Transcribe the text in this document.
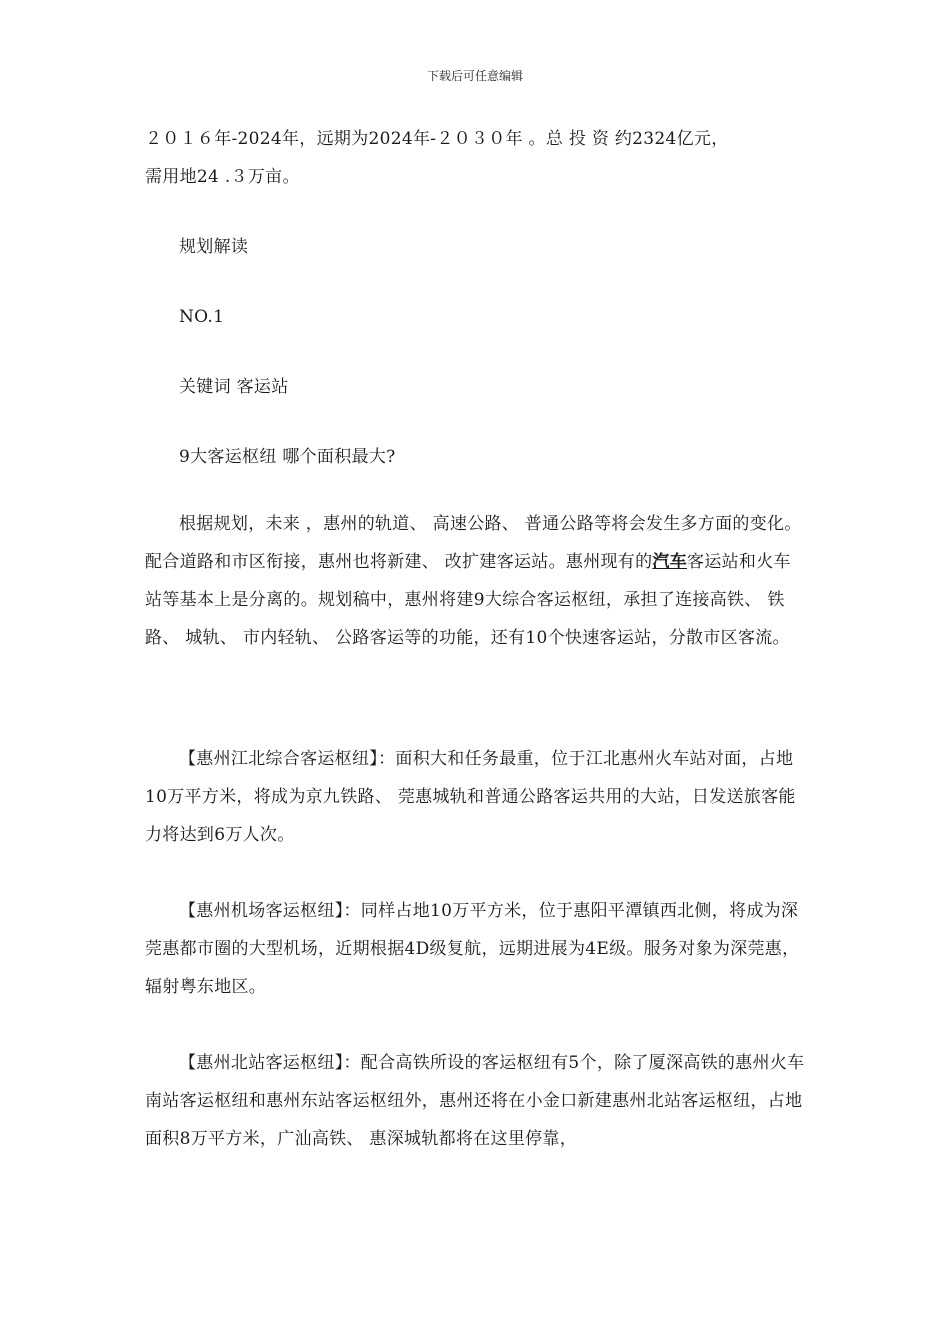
下载后可任意编辑

２０１６年-2024年，远期为2024年-２０３０年 。总 投 资 约2324亿元，

需用地24 .３万亩。

规划解读

NO.1

关键词 客运站

9大客运枢纽 哪个面积最大?

根据规划，未来 ，惠州的轨道、 高速公路、 普通公路等将会发生多方面的变化。配合道路和市区衔接，惠州也将新建、 改扩建客运站。惠州现有的汽车客运站和火车站等基本上是分离的。规划稿中，惠州将建9大综合客运枢纽，承担了连接高铁、 铁路、 城轨、 市内轻轨、 公路客运等的功能，还有10个快速客运站，分散市区客流。

【惠州江北综合客运枢纽】：面积大和任务最重，位于江北惠州火车站对面，占地10万平方米，将成为京九铁路、 莞惠城轨和普通公路客运共用的大站，日发送旅客能力将达到6万人次。

【惠州机场客运枢纽】：同样占地10万平方米，位于惠阳平潭镇西北侧，将成为深莞惠都市圈的大型机场，近期根据4D级复航，远期进展为4E级。服务对象为深莞惠，辐射粤东地区。

【惠州北站客运枢纽】：配合高铁所设的客运枢纽有5个，除了厦深高铁的惠州火车南站客运枢纽和惠州东站客运枢纽外，惠州还将在小金口新建惠州北站客运枢纽，占地面积8万平方米，广汕高铁、 惠深城轨都将在这里停靠，
